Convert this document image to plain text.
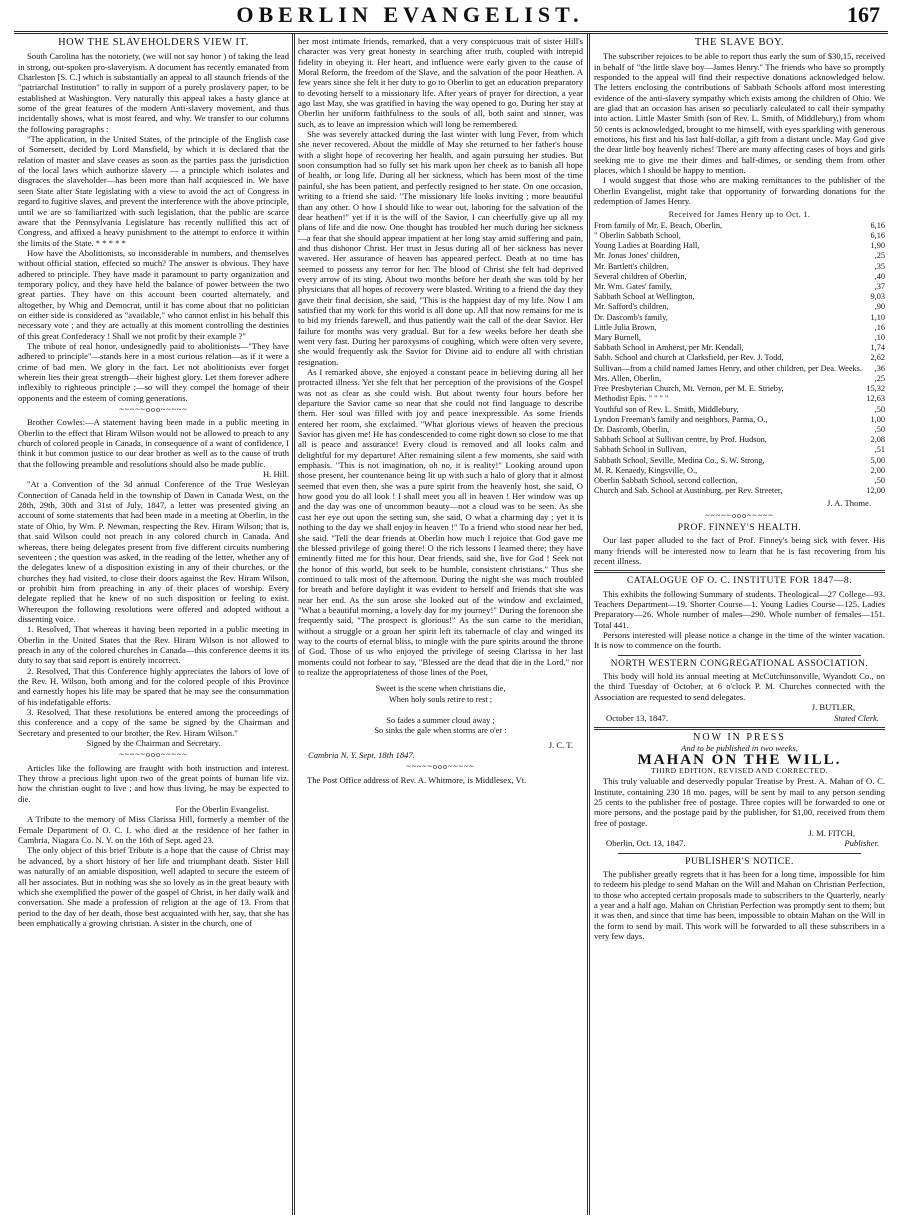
OBERLIN EVANGELIST.	167
HOW THE SLAVEHOLDERS VIEW IT.

South Carolina has the notoriety, (we will not say honor ) of taking the lead in strong, out-spoken pro-slaveryism. A document has recently emanated from Charleston [S. C.] which is substantially an appeal to all staunch friends of the "patriarchal Institution" to rally in support of a purely proslavery paper, to be established at Washington. Very naturally this appeal takes a hasty glance at some of the great features of the modern Anti-slavery movement, and thus incidentally shows, what is most feared, and why. We transfer to our columns the following paragraphs :

"The application, in the United States, of the principle of the English case of Somersett, decided by Lord Mansfield, by which it is declared that the relation of master and slave ceases as soon as the parties pass the jurisdiction of the local laws which authorize slavery — a principle which isolates and disgraces the slaveholder—has been more than half acquiesced in. We have seen State after State legislating with a view to avoid the act of Congress in regard to fugitive slaves, and prevent the interference with the above principle, until we are so familiarized with such legislation, that the public are scarce aware that the Pennsylvania Legislature has recently nullified this act of Congress, and affixed a heavy punishment to the attempt to enforce it within the limits of the State. * * * * *

How have the Abolitionists, so inconsiderable in numbers, and themselves without official station, effected so much? The answer is obvious. They have adhered to principle. They have made it paramount to party organization and temporary policy, and they have held the balance of power between the two great parties. They have on this account been courted alternately, and altogether, by Whig and Democrat, until it has come about that no politician on either side is considered as "available," who cannot enlist in his behalf this necessary vote ; and they are actually at this moment controlling the destinies of this great Confederacy ! Shall we not profit by their example ?"

The tribute of real honor, undesignedly paid to abolitionists—"They have adhered to principle"—stands here in a most curious relation—as if it were a crime of bad men. We glory in the fact. Let not abolitionists ever forget wherein lies their great strength—their highest glory. Let them forever adhere inflexibly to righteous principle ;—so will they compel the homage of their opponents and the esteem of coming generations.

~~~~~ooo~~~~~

Brother Cowles:—A statement having been made in a public meeting in Oberlin to the effect that Hiram Wilson would not be allowed to preach to any church of colored people in Canada, in consequence of a want of confidence, I think it but common justice to our dear brother as well as to the cause of truth that the following preamble and resolutions should also be made public.

H. Hill.

"At a Convention of the 3d annual Conference of the True Wesleyan Connection of Canada held in the township of Dawn in Canada West, on the 28th, 29th, 30th and 31st of July, 1847, a letter was presented giving an account of some statements that had been made in a meeting at Oberlin, in the state of Ohio, by Wm. P. Newman, respecting the Rev. Hiram Wilson; that is, that said Wilson could not preach in any colored church in Canada. And whereas, there being delegates present from five different circuits numbering seventeen ; the question was asked, in the reading of the letter, whether any of the delegates knew of a disposition existing in any of their churches, or the churches they had visited, to close their doors against the Rev. Hiram Wilson, or prohibit him from preaching in any of their places of worship. Every delegate replied that he knew of no such disposition or feeling to exist. Whereupon the following resolutions were offered and adopted without a dissenting voice.

1. Resolved, That whereas it having been reported in a public meeting in Oberlin in the United States that the Rev. Hiram Wilson is not allowed to preach in any of the colored churches in Canada—this conference deems it its duty to say that said report is entirely incorrect.

2. Resolved, That this Conference highly appreciates the labors of love of the Rev. H. Wilson, both among and for the colored people of this Province and earnestly hopes his life may be spared that he may see the consummation of his indefatigable efforts.

3. Resolved, That these resolutions be entered among the proceedings of this conference and a copy of the same be signed by the Chairman and Secretary and presented to our brother, the Rev. Hiram Wilson."

Signed by the Chairman and Secretary.

~~~~~ooo~~~~~

Articles like the following are fraught with both instruction and interest. They throw a precious light upon two of the great points of human life viz. how the christian ought to live ; and how thus living, he may be expected to die.

For the Oberlin Evangelist.

A Tribute to the memory of Miss Clarissa Hill, formerly a member of the Female Department of O. C. I. who died at the residence of her father in Cambria, Niagara Co. N. Y. on the 16th of Sept. aged 23.

The only object of this brief Tribute is a hope that the cause of Christ may be advanced, by a short history of her life and triumphant death. Sister Hill was naturally of an amiable disposition, well adapted to secure the esteem of all her associates. But in nothing was she so lovely as in the great beauty with which she exemplified the power of the gospel of Christ, in her daily walk and conversation. She made a profession of religion at the age of 13. From that period to the day of her death, those best acquainted with her, say, that she has been emphatically a growing christian. A sister in the church, one of

her most intimate friends, remarked, that a very conspicuous trait of sister Hill's character was very great honesty in searching after truth, coupled with intrepid fidelity in obeying it. Her heart, and influence were early given to the cause of Moral Reform, the freedom of the Slave, and the salvation of the poor Heathen. A few years since she felt it her duty to go to Oberlin to get an education preparatory to devoting herself to a missionary life. After years of prayer for direction, a year ago last May, she was gratified in having the way opened to go. During her stay at Oberlin her uniform faithfulness to the souls of all, both saint and sinner, was such, as to leave an impression which will long be remembered.

She was severely attacked during the last winter with lung Fever, from which she never recovered. About the middle of May she returned to her father's house with a slight hope of recovering her health, and again pursuing her studies. But soon consumption had so fully set his mark upon her cheek as to banish all hope of health, or long life. During all her sickness, which has been most of the time painful, she has been patient, and perfectly resigned to her state. On one occasion, writing to a friend she said. "The missionary life looks inviting ; more beautiful than any other. O how I should like to wear out, laboring for the salvation of the dear heathen!" yet if it is the will of the Savior, I can cheerfully give up all my plans of life and die now. One thought has troubled her much during her sickness—a fear that she should appear impatient at her long stay amid suffering and pain, and thus dishonor Christ. Her trust in Jesus during all of her sickness has never wavered. Her assurance of heaven has appeared perfect. Death at no time has seemed to possess any terror for her. The blood of Christ she felt had deprived every arrow of its sting. About two months before her death she was told by her physicians that all hopes of recovery were blasted. Writing to a friend the day they gave their final decision, she said, "This is the happiest day of my life. Now I am satisfied that my work for this world is all done up. All that now remains for me is to bid my friends farewell, and thus patiently wait the call of the dear Savior. Her failure for months was very gradual. But for a few weeks before her death she went very fast. During her paroxysms of coughing, which were often very severe, she would frequently ask the Savior for Divine aid to endure all with christian resignation.

As I remarked above, she enjoyed a constant peace in believing during all her protracted illness. Yet she felt that her perception of the provisions of the Gospel was not as clear as she could wish. But about twenty four hours before her departure the Savior came so near that she could not find language to describe them. Her soul was filled with joy and peace inexpressible. As some friends entered her room, she exclaimed. "What glorious views of heaven the precious Savior has given me! He has condescended to come right down so close to me that all is peace and assurance! Every cloud is removed and all looks calm and delightful for my departure! After remaining silent a few moments, she said with emphasis. "This is not imagination, oh no, it is reality!" Looking around upon those present, her countenance being lit up with such a halo of glory that it almost seemed that even then, she was a pure spirit from the heavenly host, she said, O how good you do all look ! I shall meet you all in heaven ! Her window was up and the day was one of uncommon beauty—not a cloud was to be seen. As she cast her eye out upon the setting sun, she said, O what a charming day ; yet it is nothing to the day we shall enjoy in heaven !" To a friend who stood near her bed, she said. "Tell the dear friends at Oberlin how much I rejoice that God gave me the blessed privilege of going there! O the rich lessons I learned there; they have eminently fitted me for this hour. Dear friends, said she, live for God ! Seek not the honor of this world, but seek to be humble, consistent christians." Thus she continued to talk most of the afternoon. During the night she was much troubled for breath and before daylight it was evident to herself and friends that she was near her end. As the sun arose she looked out of the window and exclaimed, "What a beautiful morning, a lovely day for my journey!" During the forenoon she frequently said, "The prospect is glorious!" As the sun came to the meridian, without a struggle or a groan her spirit left its tabernacle of clay and winged its way to the courts of eternal bliss, to mingle with the pure spirits around the throne of God. Those of us who enjoyed the privilege of seeing Clarissa in her last moments could not forbear to say, "Blessed are the dead that die in the Lord," nor to realize the appropriateness of those lines of the Poet,

Sweet is the scene when christians die,

When holy souls retire to rest ;

So fades a summer cloud away ;

So sinks the gale when storms are o'er :

J. C. T.

Cambria N. Y. Sept. 18th 1847.

~~~~~ooo~~~~~

The Post Office address of Rev. A. Whitmore, is Middlesex, Vt.

THE SLAVE BOY.

The subscriber rejoices to be able to report thus early the sum of $30,15, received in behalf of "the little slave boy—James Henry." The friends who have so promptly responded to the appeal will find their respective donations acknowledged below. The letters enclosing the contributions of Sabbath Schools afford most interesting evidence of the anti-slavery sympathy which exists among the children of Ohio. We are glad that an occasion has arisen so peculiarly calculated to call their sympathy into action. Little Master Smith (son of Rev. L. Smith, of Middlebury,) from whom 50 cents is acknowledged, brought to me himself, with eyes sparkling with generous emotions, his first and his last half-dollar, a gift from a distant uncle. May God give the dear little boy heavenly riches! There are many affecting cases of boys and girls seeking me to give me their dimes and half-dimes, or sending them from other places, which I should be happy to mention.

I would suggest that those who are making remittances to the publisher of the Oberlin Evangelist, might take that opportunity of forwarding donations for the redemption of James Henry.

Received for James Henry up to Oct. 1.

From family of Mr. E. Beach, Oberlin,	6,16
" Oberlin Sabbath School,	6,16
Young Ladies at Boarding Hall,	1,90
Mr. Jonas Jones' children,	,25
Mr. Bartlett's children,	,35
Several children of Oberlin,	,40
Mr. Wm. Gates' family,	,37
Sabbath School at Wellington,	9,03
Mr. Safford's children,	,90
Dr. Dascomb's family,	1,10
Little Julia Brown,	,16
Mary Burnell,	,10
Sabbath School in Amherst, per Mr. Kendall,	1,74
Sabb. School and church at Clarksfield, per Rev. J. Todd,	2,62
Sullivan—from a child named James Henry, and other children, per Dea. Weeks.	,36
Mrs. Allen, Oberlin,	,25
Free Presbyterian Church, Mt. Vernon, per M. E. Strieby,	15,32
Methodist Epis. " " " "	12,63
Youthful son of Rev. L. Smith, Middlebury,	,50
Lyndon Freeman's family and neighbors, Parma, O.,	1,00
Dr. Dascomb, Oberlin,	,50
Sabbath School at Sullivan centre, by Prof. Hudson,	2,08
Sabbath School in Sullivan,	,51
Sabbath School, Seville, Medina Co., S. W. Strong,	5,00
M. R. Kenaedy, Kingsville, O.,	2,00
Oberlin Sabbath School, second collection,	,50
Church and Sab. School at Austinburg, per Rev. Streeter,	12,00

J. A. Thome.

~~~~~ooo~~~~~
PROF. FINNEY'S HEALTH.

Our last paper alluded to the fact of Prof. Finney's being sick with fever. His many friends will be interested now to learn that he is fast recovering from his recent illness.

CATALOGUE OF O. C. INSTITUTE FOR 1847—8.

This exhibits the following Summary of students. Theological—27 College—93. Teachers Department—19. Shorter Course—1. Young Ladies Course—125. Ladies Preparatory—26. Whole number of males—290. Whole number of females—151. Total 441.

Persons interested will please notice a change in the time of the winter vacation. It is now to commence on the fourth.

NORTH WESTERN CONGREGATIONAL ASSOCIATION.

This body will hold its annual meeting at McCutchinsonville, Wyandott Co., on the third Tuesday of October, at 6 o'clock P. M. Churches connected with the Association are requested to send delegates.

J. BUTLER,

October 13, 1847.	Stated Clerk.

NOW IN PRESS

And to be published in two weeks,

MAHAN ON THE WILL.
THIRD EDITION, REVISED AND CORRECTED.

This truly valuable and deservedly popular Treatise by Prest. A. Mahan of O. C. Institute, containing 230 18 mo. pages, will be sent by mail to any person sending 25 cents to the publisher free of postage. Three copies will be forwarded to one or more persons, and the postage paid by the publisher, for $1,00, received from them free of postage.

J. M. FITCH,

Oberlin, Oct. 13, 1847.	Publisher.
PUBLISHER'S NOTICE.

The publisher greatly regrets that it has been for a long time, impossible for him to redeem his pledge to send Mahan on the Will and Mahan on Christian Perfection, to those who accepted certain proposals made to subscribers to the Quarterly, nearly a year and a half ago. Mahan on Christian Perfection was promptly sent to them; but it was then, and since that time has been, impossible to obtain Mahan on the Will in the form to send by mail. This work will be forwarded to all these subscribers in a very few days.
